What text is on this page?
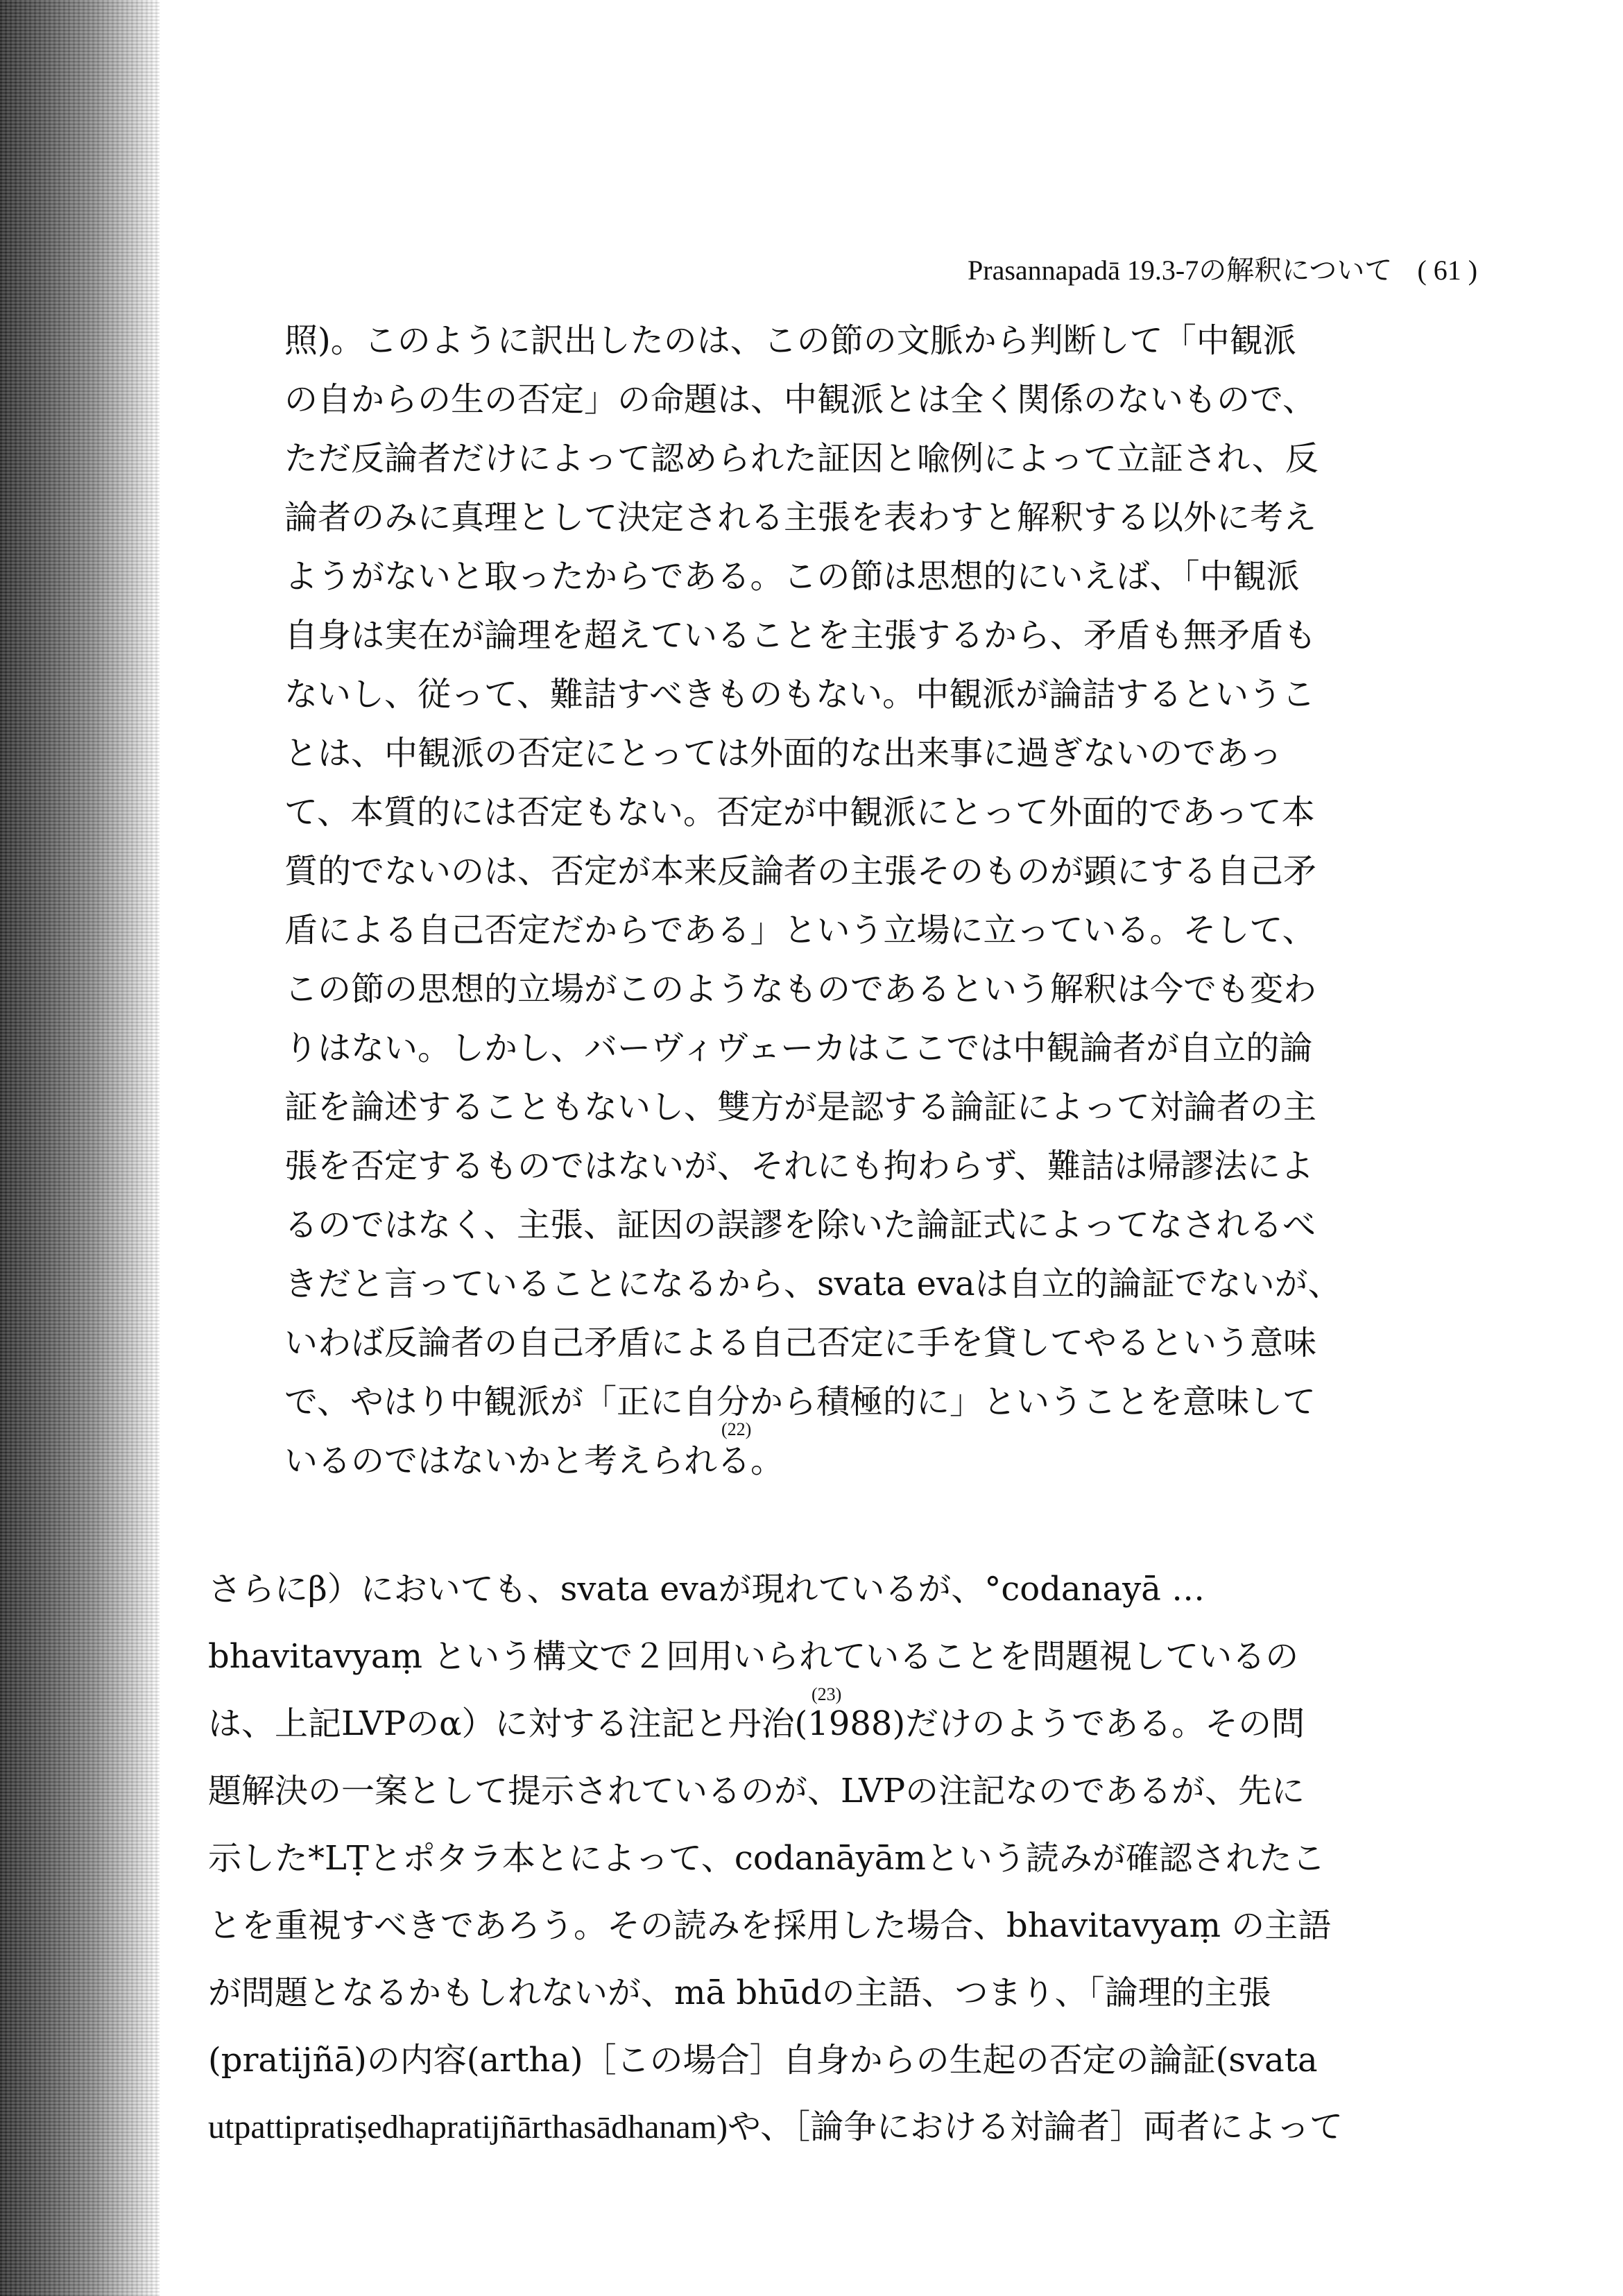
Prasannapadā 19.3-7の解釈について ( 61 )
照)。このように訳出したのは、この節の文脈から判断して「中観派
の自からの生の否定」の命題は、中観派とは全く関係のないもので、
ただ反論者だけによって認められた証因と喩例によって立証され、反
論者のみに真理として決定される主張を表わすと解釈する以外に考え
ようがないと取ったからである。この節は思想的にいえば、「中観派
自身は実在が論理を超えていることを主張するから、矛盾も無矛盾も
ないし、従って、難詰すべきものもない。中観派が論詰するというこ
とは、中観派の否定にとっては外面的な出来事に過ぎないのであっ
て、本質的には否定もない。否定が中観派にとって外面的であって本
質的でないのは、否定が本来反論者の主張そのものが顕にする自己矛
盾による自己否定だからである」という立場に立っている。そして、
この節の思想的立場がこのようなものであるという解釈は今でも変わ
りはない。しかし、バーヴィヴェーカはここでは中観論者が自立的論
証を論述することもないし、雙方が是認する論証によって対論者の主
張を否定するものではないが、それにも拘わらず、難詰は帰謬法によ
るのではなく、主張、証因の誤謬を除いた論証式によってなされるべ
きだと言っていることになるから、svata evaは自立的論証でないが、
いわば反論者の自己矛盾による自己否定に手を貸してやるという意味
で、やはり中観派が「正に自分から積極的に」ということを意味して
いるのではないかと考えられる。
(22)
さらにβ）においても、svata evaが現れているが、°codanayā …
bhavitavyaṃ という構文で２回用いられていることを問題視しているの
は、上記LVPのα）に対する注記と丹治(1988)だけのようである。その問
題解決の一案として提示されているのが、LVPの注記なのであるが、先に
示した*LṬとポタラ本とによって、codanāyāmという読みが確認されたこ
とを重視すべきであろう。その読みを採用した場合、bhavitavyaṃ の主語
が問題となるかもしれないが、mā bhūdの主語、つまり、「論理的主張
(pratijñā)の内容(artha)［この場合］自身からの生起の否定の論証(svata
utpattipratiṣedhapratijñārthasādhanam)や、［論争における対論者］両者によって
(23)
